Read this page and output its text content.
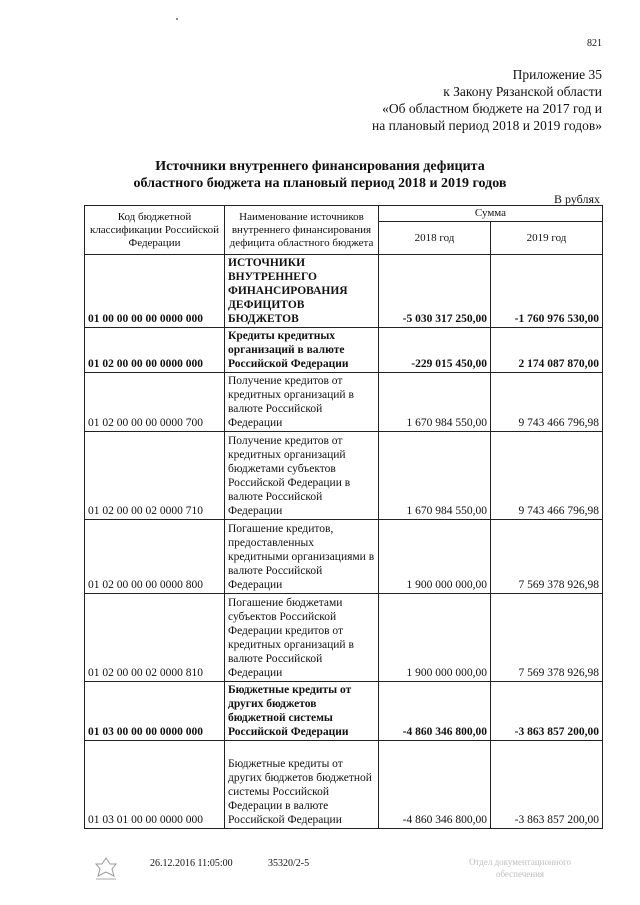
821
Приложение 35
к Закону Рязанской области
«Об областном бюджете на 2017 год и
на плановый период 2018 и 2019 годов»
Источники внутреннего финансирования дефицита
областного бюджета на плановый период 2018 и 2019 годов
В рублях
Код бюджетной классификации Российской Федерации	Наименование источников внутреннего финансирования дефицита областного бюджета	Сумма	
		2018 год	2019 год
01 00 00 00 00 0000 000	ИСТОЧНИКИ ВНУТРЕННЕГО ФИНАНСИРОВАНИЯ ДЕФИЦИТОВ БЮДЖЕТОВ	-5 030 317 250,00	-1 760 976 530,00
01 02 00 00 00 0000 000	Кредиты кредитных организаций в валюте Российской Федерации	-229 015 450,00	2 174 087 870,00
01 02 00 00 00 0000 700	Получение кредитов от кредитных организаций в валюте Российской Федерации	1 670 984 550,00	9 743 466 796,98
01 02 00 00 02 0000 710	Получение кредитов от кредитных организаций бюджетами субъектов Российской Федерации в валюте Российской Федерации	1 670 984 550,00	9 743 466 796,98
01 02 00 00 00 0000 800	Погашение кредитов, предоставленных кредитными организациями в валюте Российской Федерации	1 900 000 000,00	7 569 378 926,98
01 02 00 00 02 0000 810	Погашение бюджетами субъектов Российской Федерации кредитов от кредитных организаций в валюте Российской Федерации	1 900 000 000,00	7 569 378 926,98
01 03 00 00 00 0000 000	Бюджетные кредиты от других бюджетов бюджетной системы Российской Федерации	-4 860 346 800,00	-3 863 857 200,00
01 03 01 00 00 0000 000	Бюджетные кредиты от других бюджетов бюджетной системы Российской Федерации в валюте Российской Федерации	-4 860 346 800,00	-3 863 857 200,00
26.12.2016 11:05:00	35320/2-5	Отдел документационного
обеспечения
